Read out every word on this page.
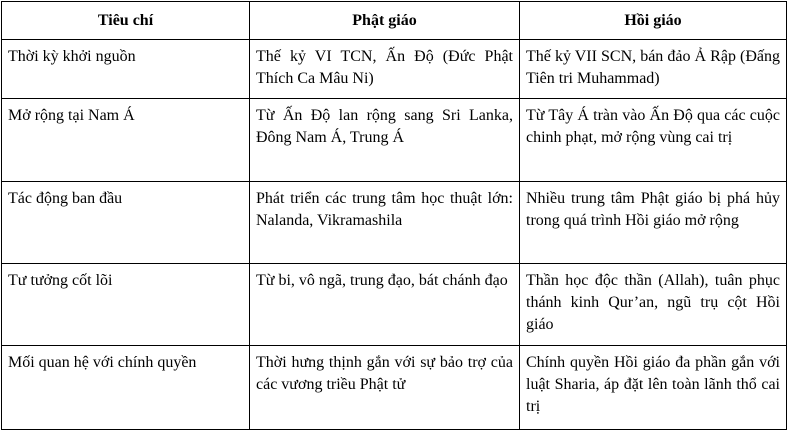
Tiêu chí	Phật giáo	Hồi giáo
Thời kỳ khởi nguồn	Thế kỷ VI TCN, Ấn Độ (Đức Phật Thích Ca Mâu Ni)	Thế kỷ VII SCN, bán đảo Ả Rập (Đấng Tiên tri Muhammad)
Mở rộng tại Nam Á	Từ Ấn Độ lan rộng sang Sri Lanka, Đông Nam Á, Trung Á	Từ Tây Á tràn vào Ấn Độ qua các cuộc chinh phạt, mở rộng vùng cai trị
Tác động ban đầu	Phát triển các trung tâm học thuật lớn: Nalanda, Vikramashila	Nhiều trung tâm Phật giáo bị phá hủy trong quá trình Hồi giáo mở rộng
Tư tưởng cốt lõi	Từ bi, vô ngã, trung đạo, bát chánh đạo	Thần học độc thần (Allah), tuân phục thánh kinh Qur’an, ngũ trụ cột Hồi giáo
Mối quan hệ với chính quyền	Thời hưng thịnh gắn với sự bảo trợ của các vương triều Phật tử	Chính quyền Hồi giáo đa phần gắn với luật Sharia, áp đặt lên toàn lãnh thổ cai trị
